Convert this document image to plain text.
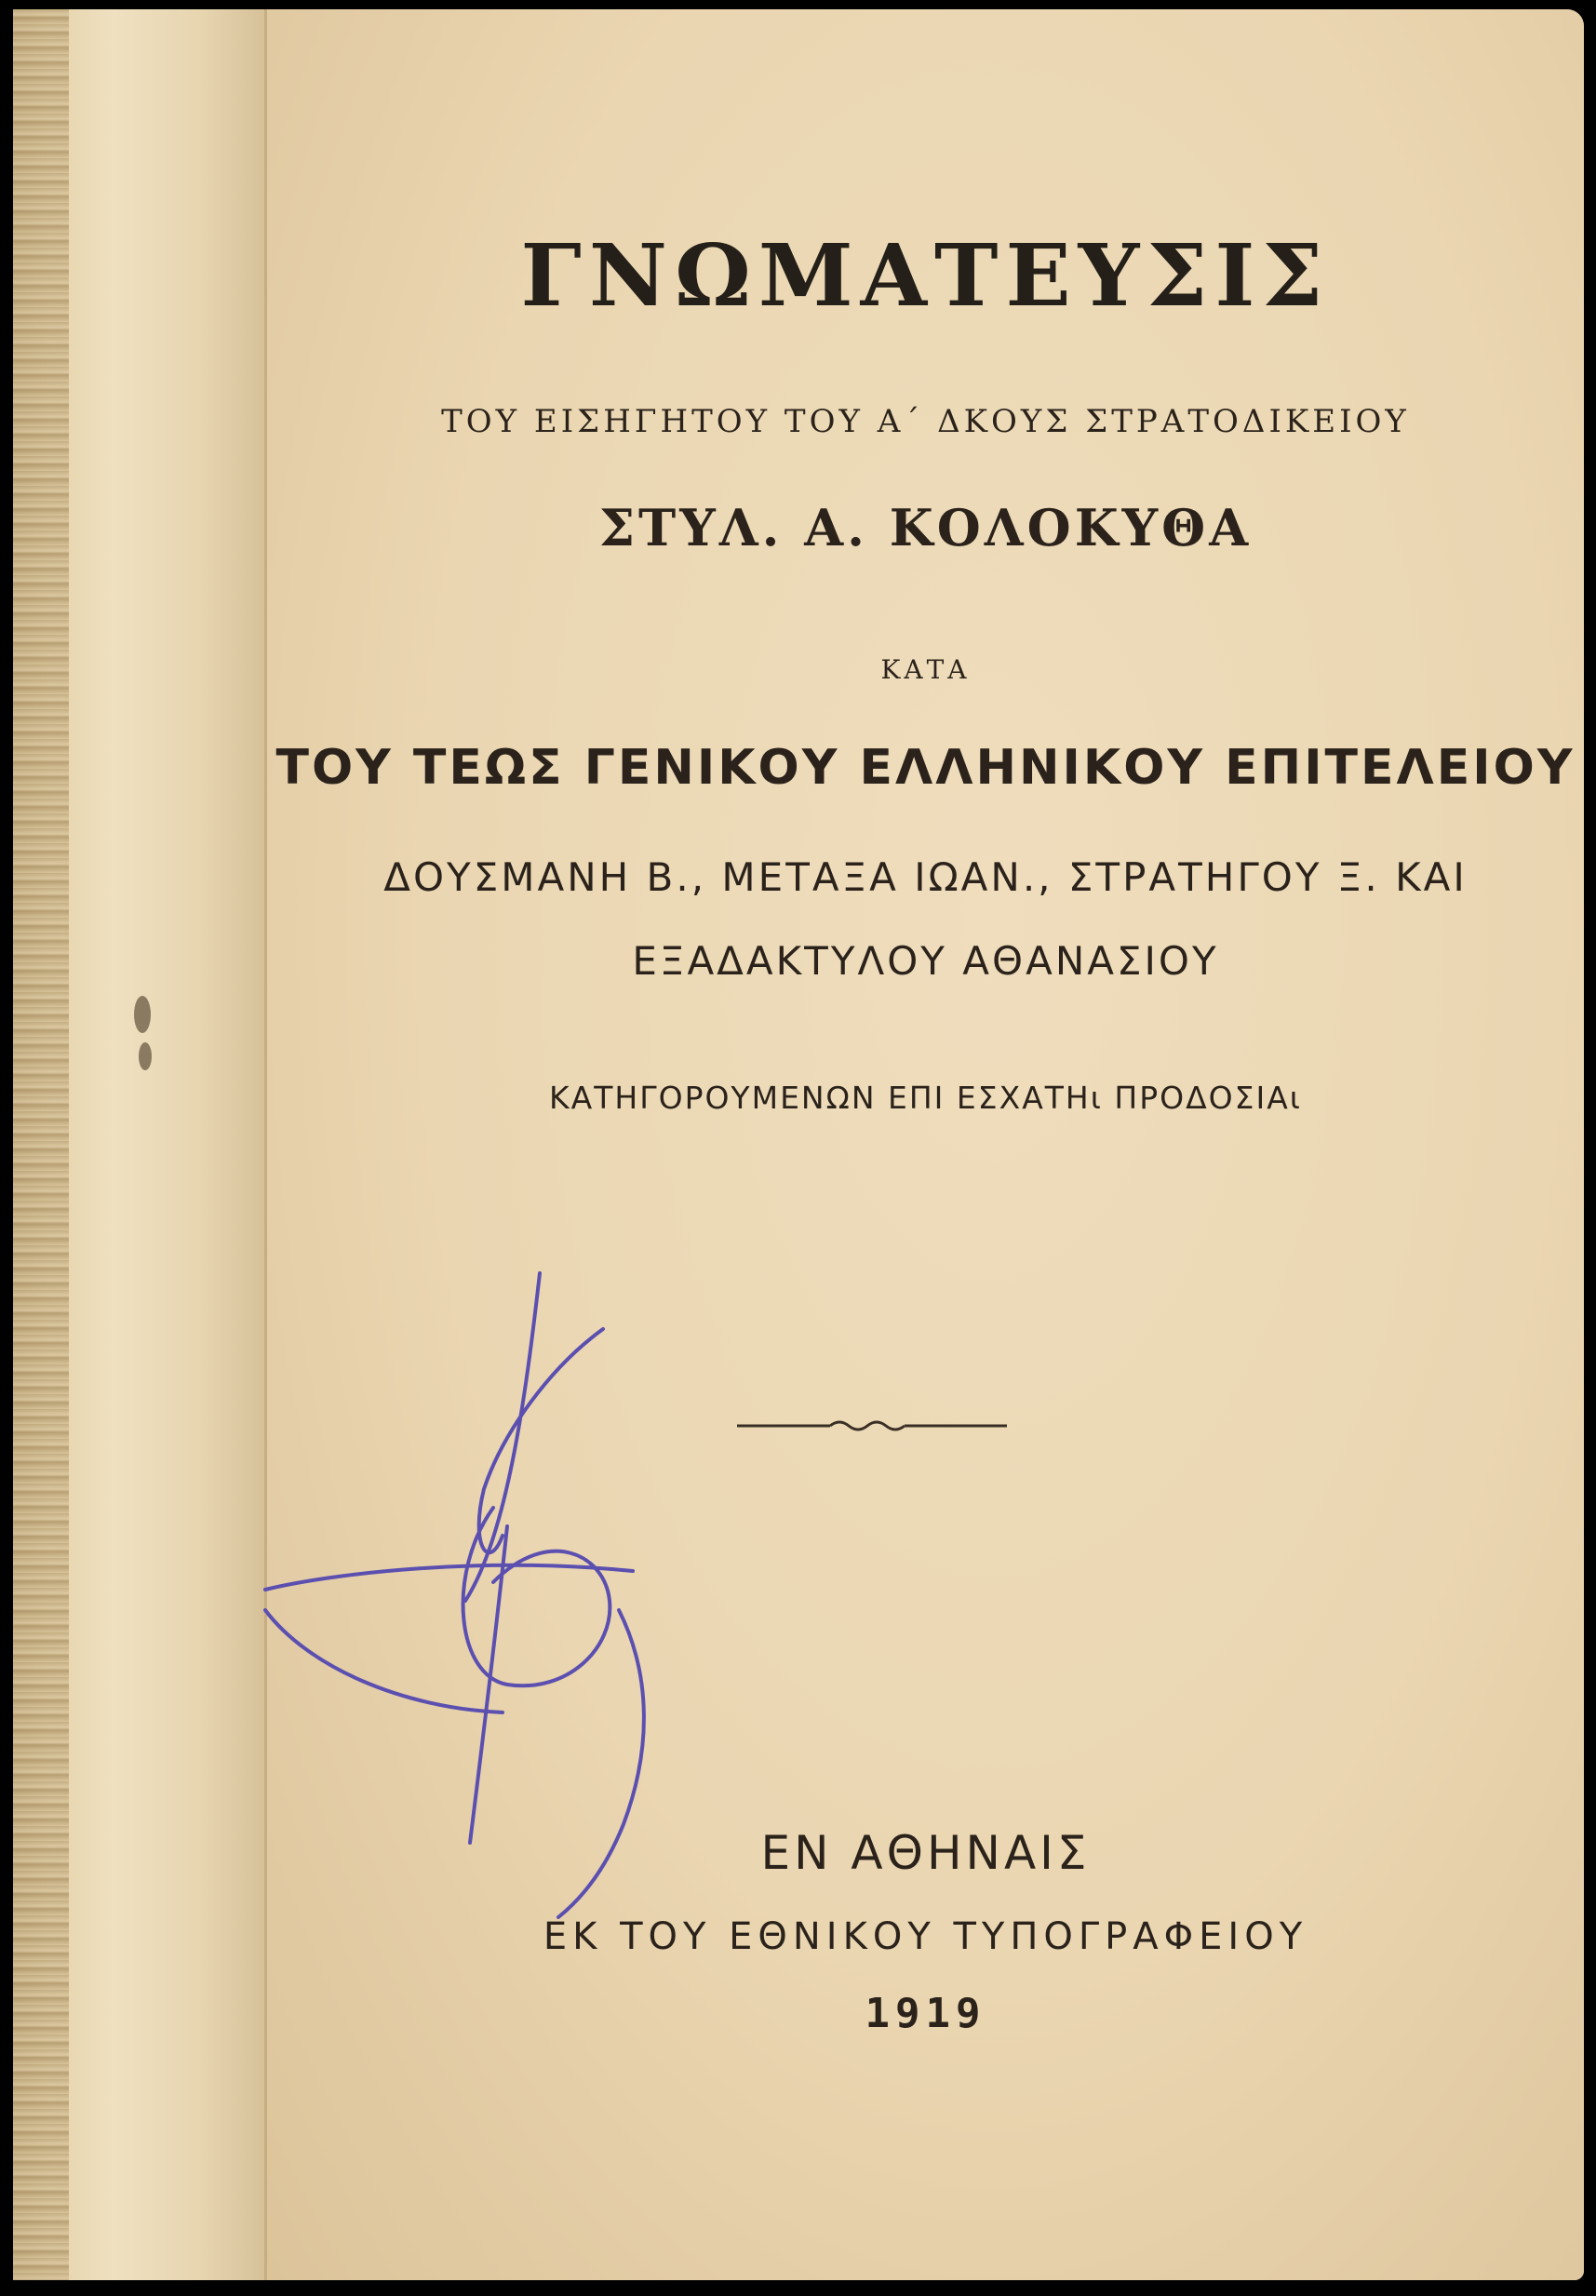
ΓΝΩΜΑΤΕΥΣΙΣ
ΤΟΥ ΕΙΣΗΓΗΤΟΥ ΤΟΥ Α΄ ΔΚΟΥΣ ΣΤΡΑΤΟΔΙΚΕΙΟΥ
ΣΤΥΛ. Α. ΚΟΛΟΚΥΘΑ
ΚΑΤΑ
ΤΟΥ ΤΕΩΣ ΓΕΝΙΚΟΥ ΕΛΛΗΝΙΚΟΥ ΕΠΙΤΕΛΕΙΟΥ
ΔΟΥΣΜΑΝΗ Β., ΜΕΤΑΞΑ ΙΩΑΝ., ΣΤΡΑΤΗΓΟΥ Ξ. ΚΑΙ
ΕΞΑΔΑΚΤΥΛΟΥ ΑΘΑΝΑΣΙΟΥ
ΚΑΤΗΓΟΡΟΥΜΕΝΩΝ ΕΠΙ ΕΣΧΑΤΗι ΠΡΟΔΟΣΙΑι
ΕΝ ΑΘΗΝΑΙΣ
ΕΚ ΤΟΥ ΕΘΝΙΚΟΥ ΤΥΠΟΓΡΑΦΕΙΟΥ
1919
